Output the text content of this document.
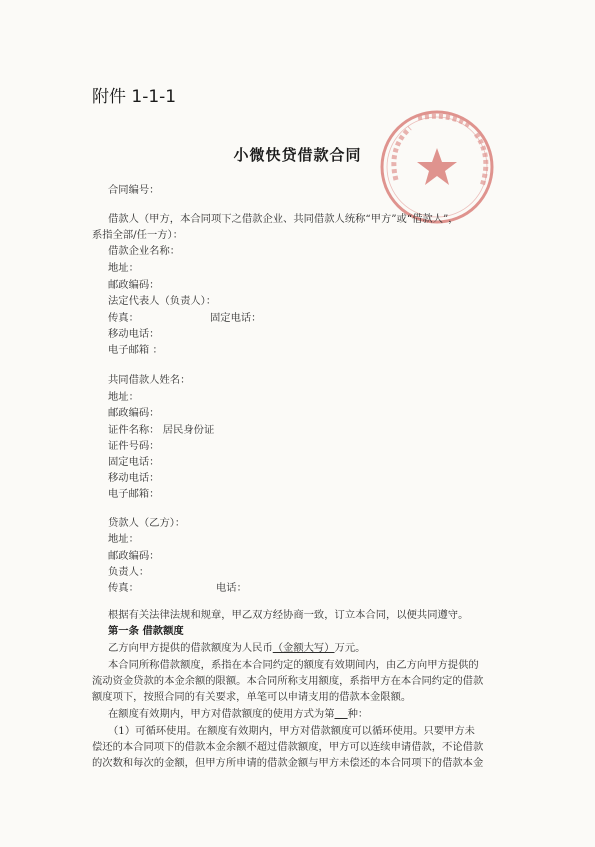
附件 1-1-1
小微快贷借款合同
合同编号：
借款人（甲方，本合同项下之借款企业、共同借款人统称“甲方”或“借款人”，
系指全部/任一方）：
借款企业名称：
地址：
邮政编码：
法定代表人（负责人）：
传真：	固定电话：
移动电话：
电子邮箱 ：
共同借款人姓名：
地址：
邮政编码：
证件名称： 居民身份证
证件号码：
固定电话：
移动电话：
电子邮箱：
贷款人（乙方）：
地址：
邮政编码：
负责人：
传真：	电话：
根据有关法律法规和规章，甲乙双方经协商一致，订立本合同，以便共同遵守。
第一条 借款额度
乙方向甲方提供的借款额度为人民币（金额大写）万元。
本合同所称借款额度，系指在本合同约定的额度有效期间内，由乙方向甲方提供的
流动资金贷款的本金余额的限额。本合同所称支用额度，系指甲方在本合同约定的借款
额度项下，按照合同的有关要求，单笔可以申请支用的借款本金限额。
在额度有效期内，甲方对借款额度的使用方式为第 种：
（1）可循环使用。在额度有效期内，甲方对借款额度可以循环使用。只要甲方未
偿还的本合同项下的借款本金余额不超过借款额度，甲方可以连续申请借款，不论借款
的次数和每次的金额，但甲方所申请的借款金额与甲方未偿还的本合同项下的借款本金
